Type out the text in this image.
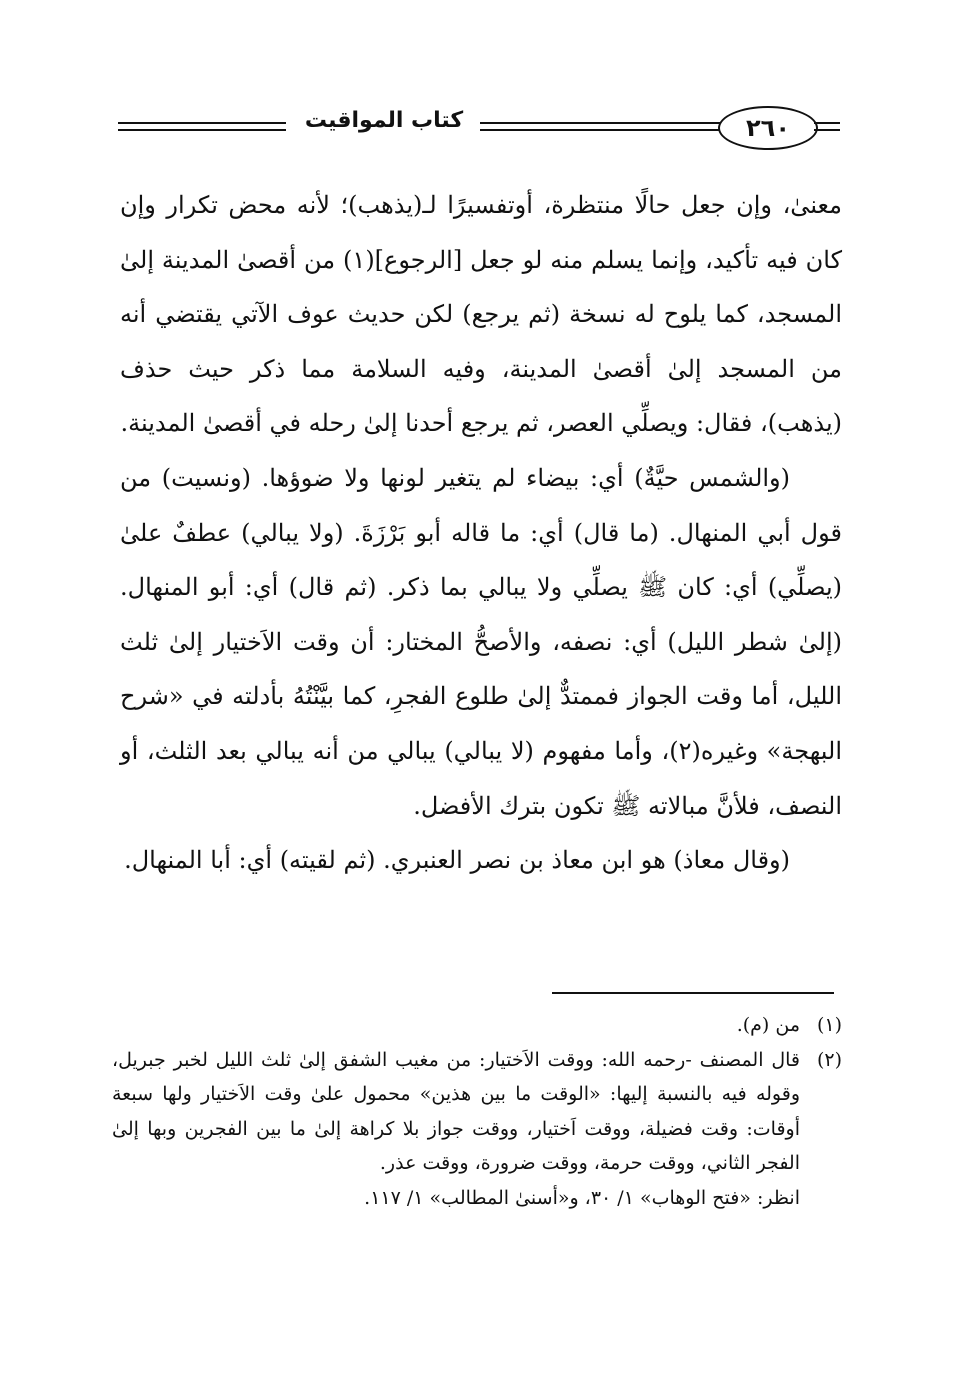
كتاب المواقيت	٢٦٠

معنىٰ، وإن جعل حالًا منتظرة، أوتفسيرًا لـ(يذهب)؛ لأنه محض تكرار وإن كان فيه تأكيد، وإنما يسلم منه لو جعل [الرجوع](١) من أقصىٰ المدينة إلىٰ المسجد، كما يلوح له نسخة (ثم يرجع) لكن حديث عوف الآتي يقتضي أنه من المسجد إلىٰ أقصىٰ المدينة، وفيه السلامة مما ذكر حيث حذف (يذهب)، فقال: ويصلِّي العصر، ثم يرجع أحدنا إلىٰ رحله في أقصىٰ المدينة.

(والشمس حيَّةٌ) أي: بيضاء لم يتغير لونها ولا ضوؤها. (ونسيت) من قول أبي المنهال. (ما قال) أي: ما قاله أبو بَرْزَةَ. (ولا يبالي) عطفٌ علىٰ (يصلِّي) أي: كان ﷺ يصلِّي ولا يبالي بما ذكر. (ثم قال) أي: أبو المنهال. (إلىٰ شطر الليل) أي: نصفه، والأصحُّ المختار: أن وقت الاَختيار إلىٰ ثلث الليل، أما وقت الجواز فممتدٌّ إلىٰ طلوع الفجرِ، كما بيَّنْتُهُ بأدلته في «شرح البهجة» وغيره(٢)، وأما مفهوم (لا يبالي) يبالي من أنه يبالي بعد الثلث، أو النصف، فلأنَّ مبالاته ﷺ تكون بترك الأفضل.

(وقال معاذ) هو ابن معاذ بن نصر العنبري. (ثم لقيته) أي: أبا المنهال.

(١)
من (م).
(٢)
قال المصنف -رحمه الله: ووقت الاَختيار: من مغيب الشفق إلىٰ ثلث الليل لخبر جبريل، وقوله فيه بالنسبة إليها: «الوقت ما بين هذين» محمول علىٰ وقت الاَختيار ولها سبعة أوقات: وقت فضيلة، ووقت اَختيار، ووقت جواز بلا كراهة إلىٰ ما بين الفجرين وبها إلىٰ الفجر الثاني، ووقت حرمة، ووقت ضرورة، ووقت عذر.

انظر: «فتح الوهاب» ١/ ٣٠، و«أسنىٰ المطالب» ١/ ١١٧.
